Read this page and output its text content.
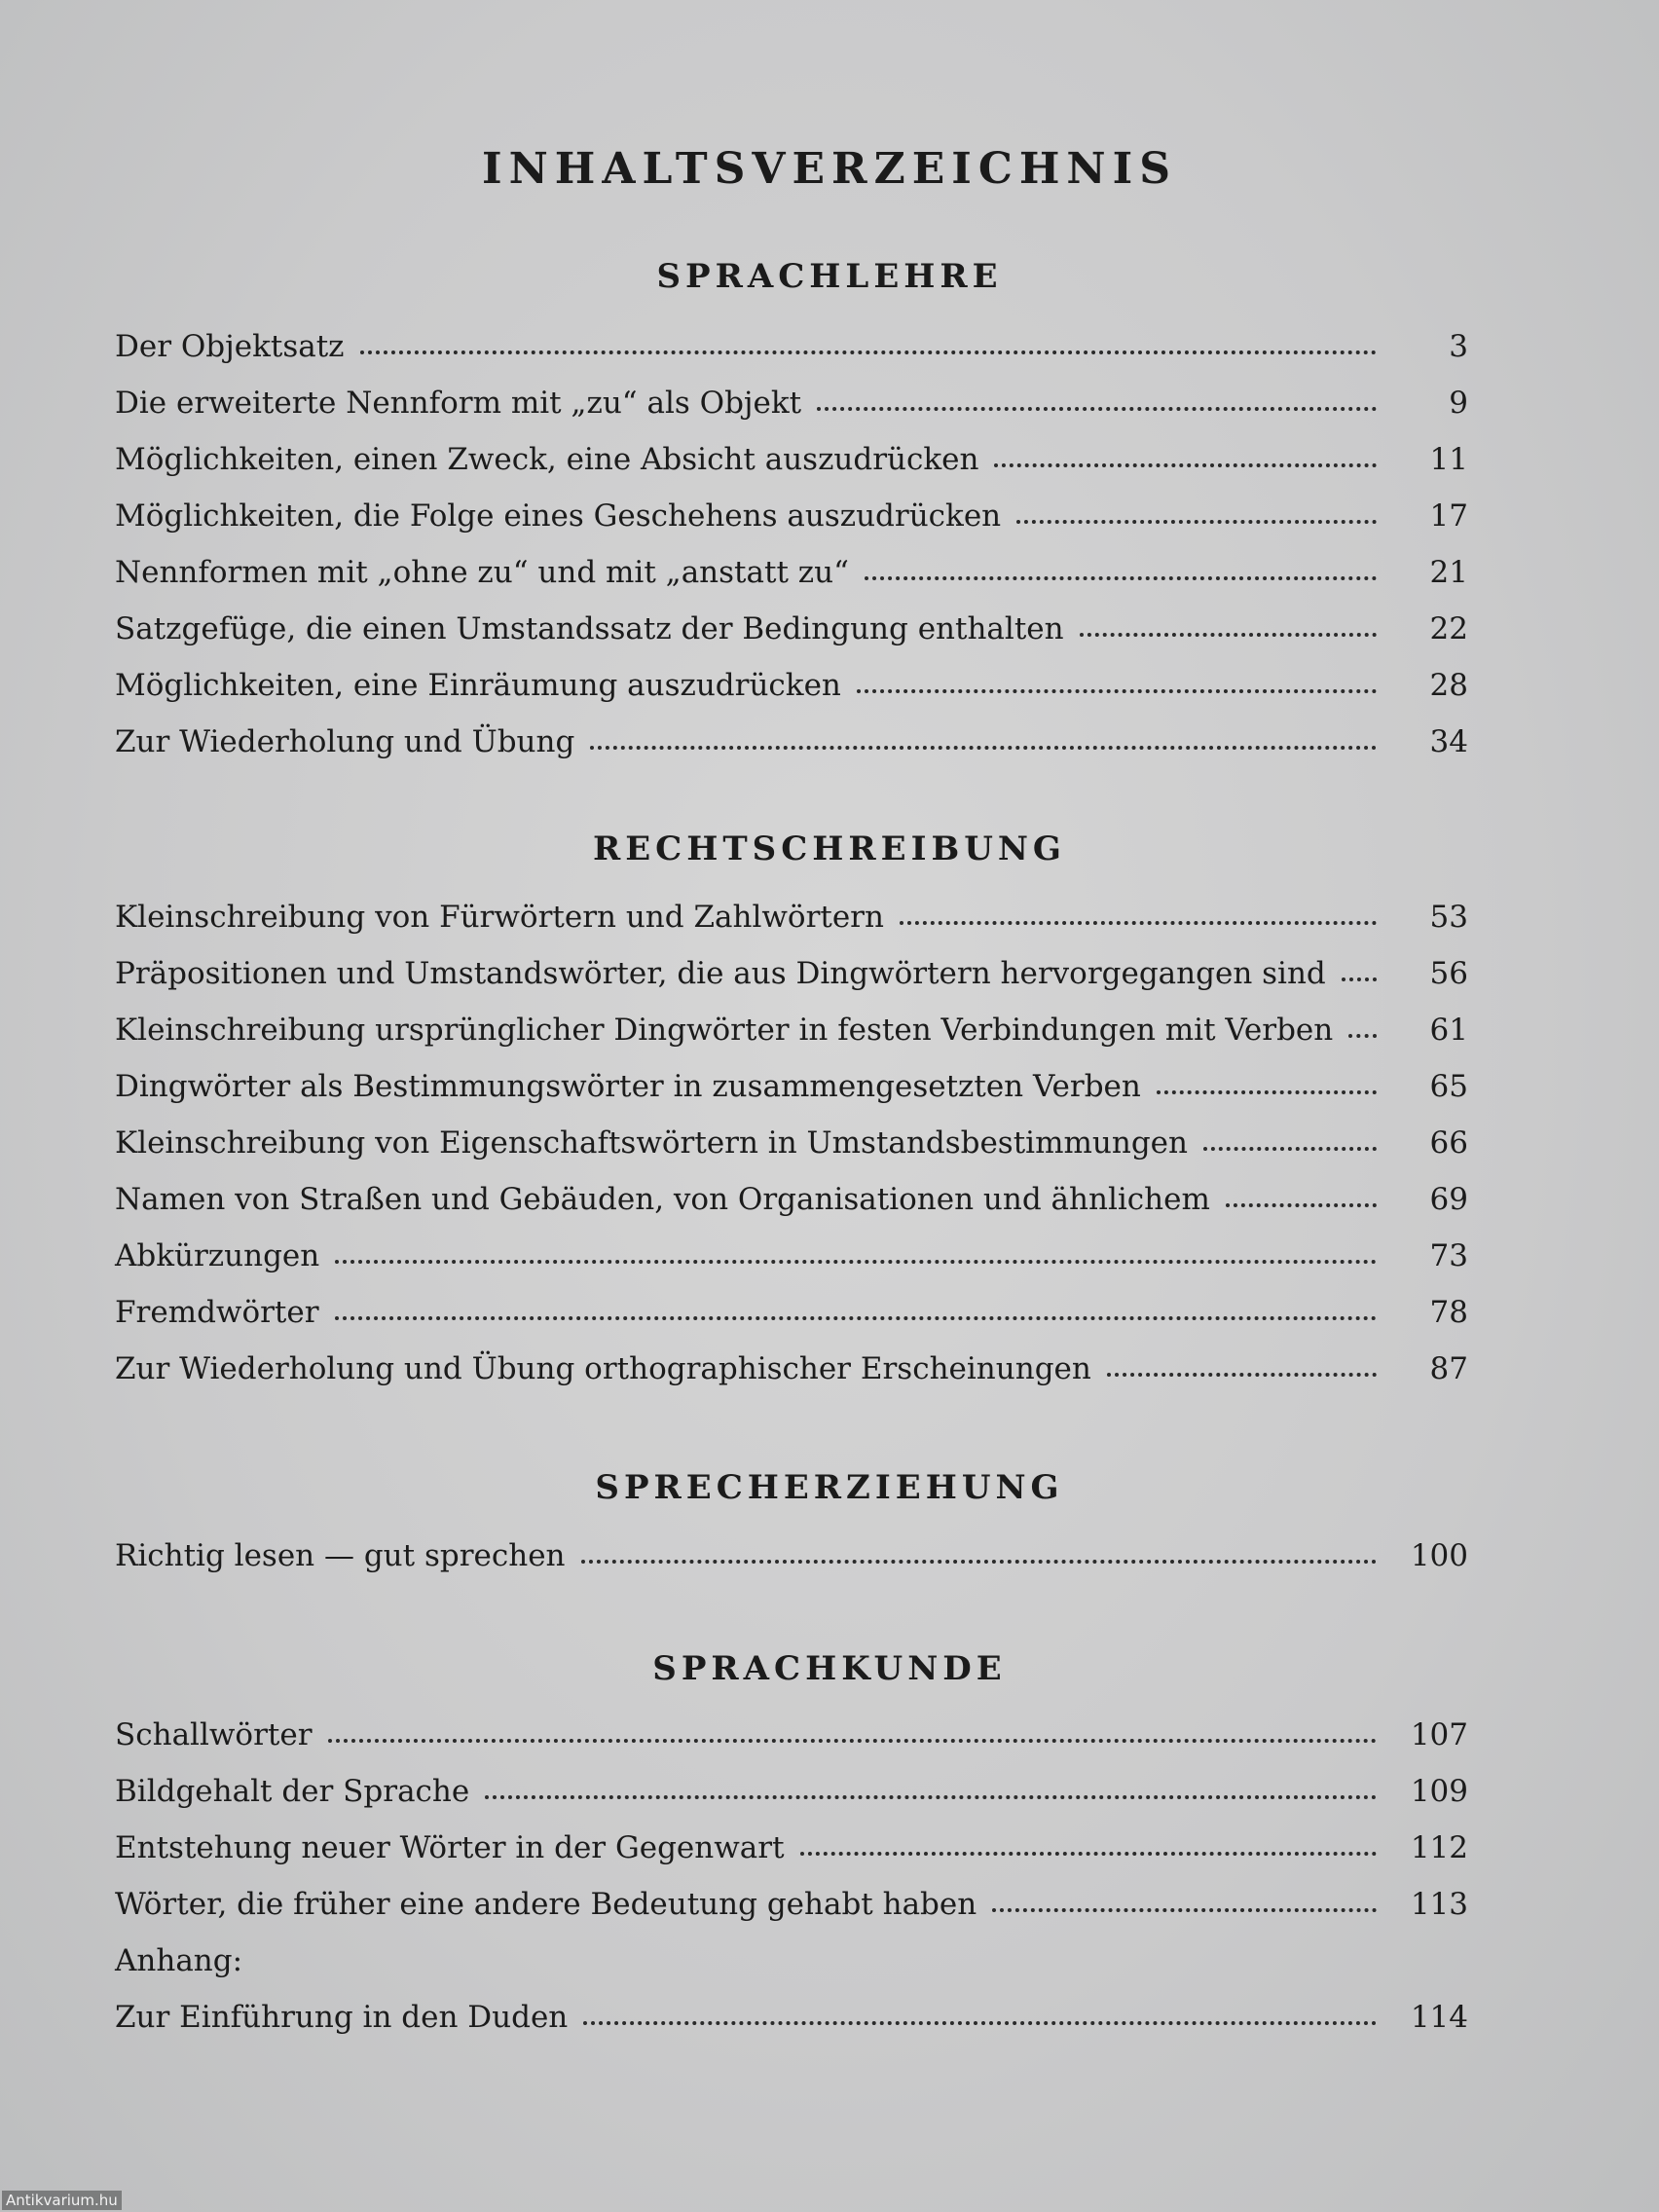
INHALTSVERZEICHNIS
SPRACHLEHRE
Der Objektsatz	3
Die erweiterte Nennform mit „zu“ als Objekt	9
Möglichkeiten, einen Zweck, eine Absicht auszudrücken	11
Möglichkeiten, die Folge eines Geschehens auszudrücken	17
Nennformen mit „ohne zu“ und mit „anstatt zu“	21
Satzgefüge, die einen Umstandssatz der Bedingung enthalten	22
Möglichkeiten, eine Einräumung auszudrücken	28
Zur Wiederholung und Übung	34
RECHTSCHREIBUNG
Kleinschreibung von Fürwörtern und Zahlwörtern	53
Präpositionen und Umstandswörter, die aus Dingwörtern hervorgegangen sind	56
Kleinschreibung ursprünglicher Dingwörter in festen Verbindungen mit Verben	61
Dingwörter als Bestimmungswörter in zusammengesetzten Verben	65
Kleinschreibung von Eigenschaftswörtern in Umstandsbestimmungen	66
Namen von Straßen und Gebäuden, von Organisationen und ähnlichem	69
Abkürzungen	73
Fremdwörter	78
Zur Wiederholung und Übung orthographischer Erscheinungen	87
SPRECHERZIEHUNG
Richtig lesen — gut sprechen	100
SPRACHKUNDE
Schallwörter	107
Bildgehalt der Sprache	109
Entstehung neuer Wörter in der Gegenwart	112
Wörter, die früher eine andere Bedeutung gehabt haben	113
Anhang:
Zur Einführung in den Duden	114
Antikvarium.hu
